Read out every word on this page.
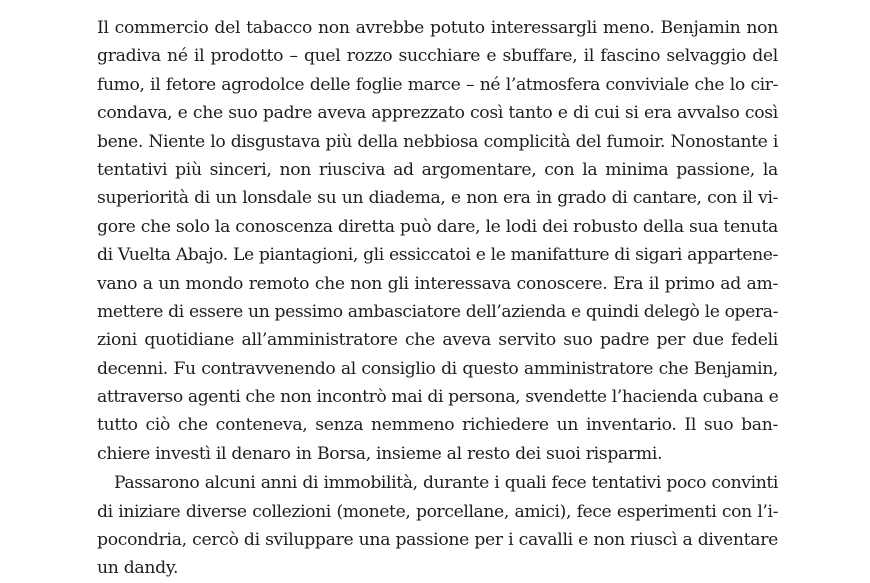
Il commercio del tabacco non avrebbe potuto interessargli meno. Benjamin non
gradiva né il prodotto – quel rozzo succhiare e sbuffare, il fascino selvaggio del
fumo, il fetore agrodolce delle foglie marce – né l’atmosfera conviviale che lo cir-
condava, e che suo padre aveva apprezzato così tanto e di cui si era avvalso così
bene. Niente lo disgustava più della nebbiosa complicità del fumoir. Nonostante i
tentativi più sinceri, non riusciva ad argomentare, con la minima passione, la
superiorità di un lonsdale su un diadema, e non era in grado di cantare, con il vi-
gore che solo la conoscenza diretta può dare, le lodi dei robusto della sua tenuta
di Vuelta Abajo. Le piantagioni, gli essiccatoi e le manifatture di sigari appartene-
vano a un mondo remoto che non gli interessava conoscere. Era il primo ad am-
mettere di essere un pessimo ambasciatore dell’azienda e quindi delegò le opera-
zioni quotidiane all’amministratore che aveva servito suo padre per due fedeli
decenni. Fu contravvenendo al consiglio di questo amministratore che Benjamin,
attraverso agenti che non incontrò mai di persona, svendette l’hacienda cubana e
tutto ciò che conteneva, senza nemmeno richiedere un inventario. Il suo ban-
chiere investì il denaro in Borsa, insieme al resto dei suoi risparmi.
Passarono alcuni anni di immobilità, durante i quali fece tentativi poco convinti
di iniziare diverse collezioni (monete, porcellane, amici), fece esperimenti con l’i-
pocondria, cercò di sviluppare una passione per i cavalli e non riuscì a diventare
un dandy.
